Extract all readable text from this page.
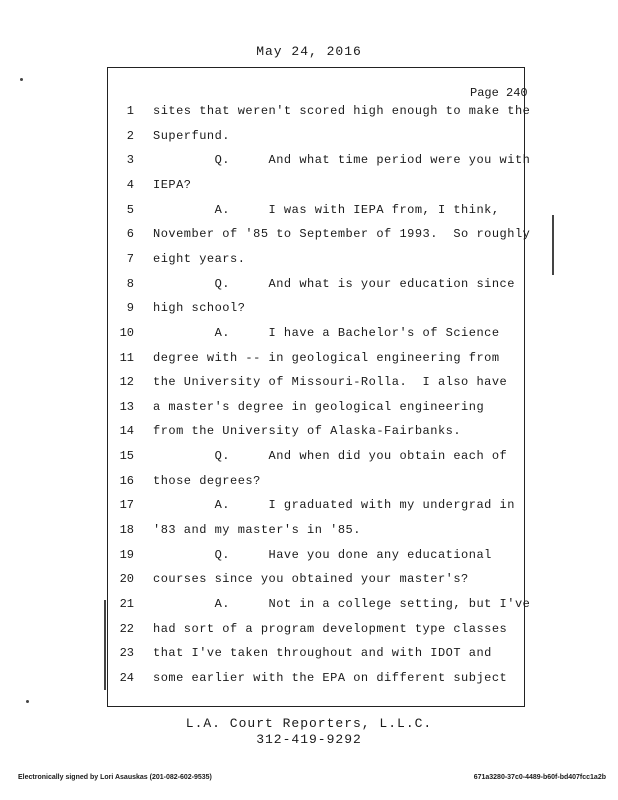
May 24, 2016
Page 240
1 sites that weren't scored high enough to make the
2 Superfund.
3 Q.     And what time period were you with
4 IEPA?
5 A.     I was with IEPA from, I think,
6 November of '85 to September of 1993.  So roughly
7 eight years.
8 Q.     And what is your education since
9 high school?
10 A.     I have a Bachelor's of Science
11 degree with -- in geological engineering from
12 the University of Missouri-Rolla.  I also have
13 a master's degree in geological engineering
14 from the University of Alaska-Fairbanks.
15 Q.     And when did you obtain each of
16 those degrees?
17 A.     I graduated with my undergrad in
18 '83 and my master's in '85.
19 Q.     Have you done any educational
20 courses since you obtained your master's?
21 A.     Not in a college setting, but I've
22 had sort of a program development type classes
23 that I've taken throughout and with IDOT and
24 some earlier with the EPA on different subject
L.A. Court Reporters, L.L.C.
312-419-9292
Electronically signed by Lori Asauskas (201-082-602-9535)	671a3280-37c0-4489-b60f-bd407fcc1a2b
